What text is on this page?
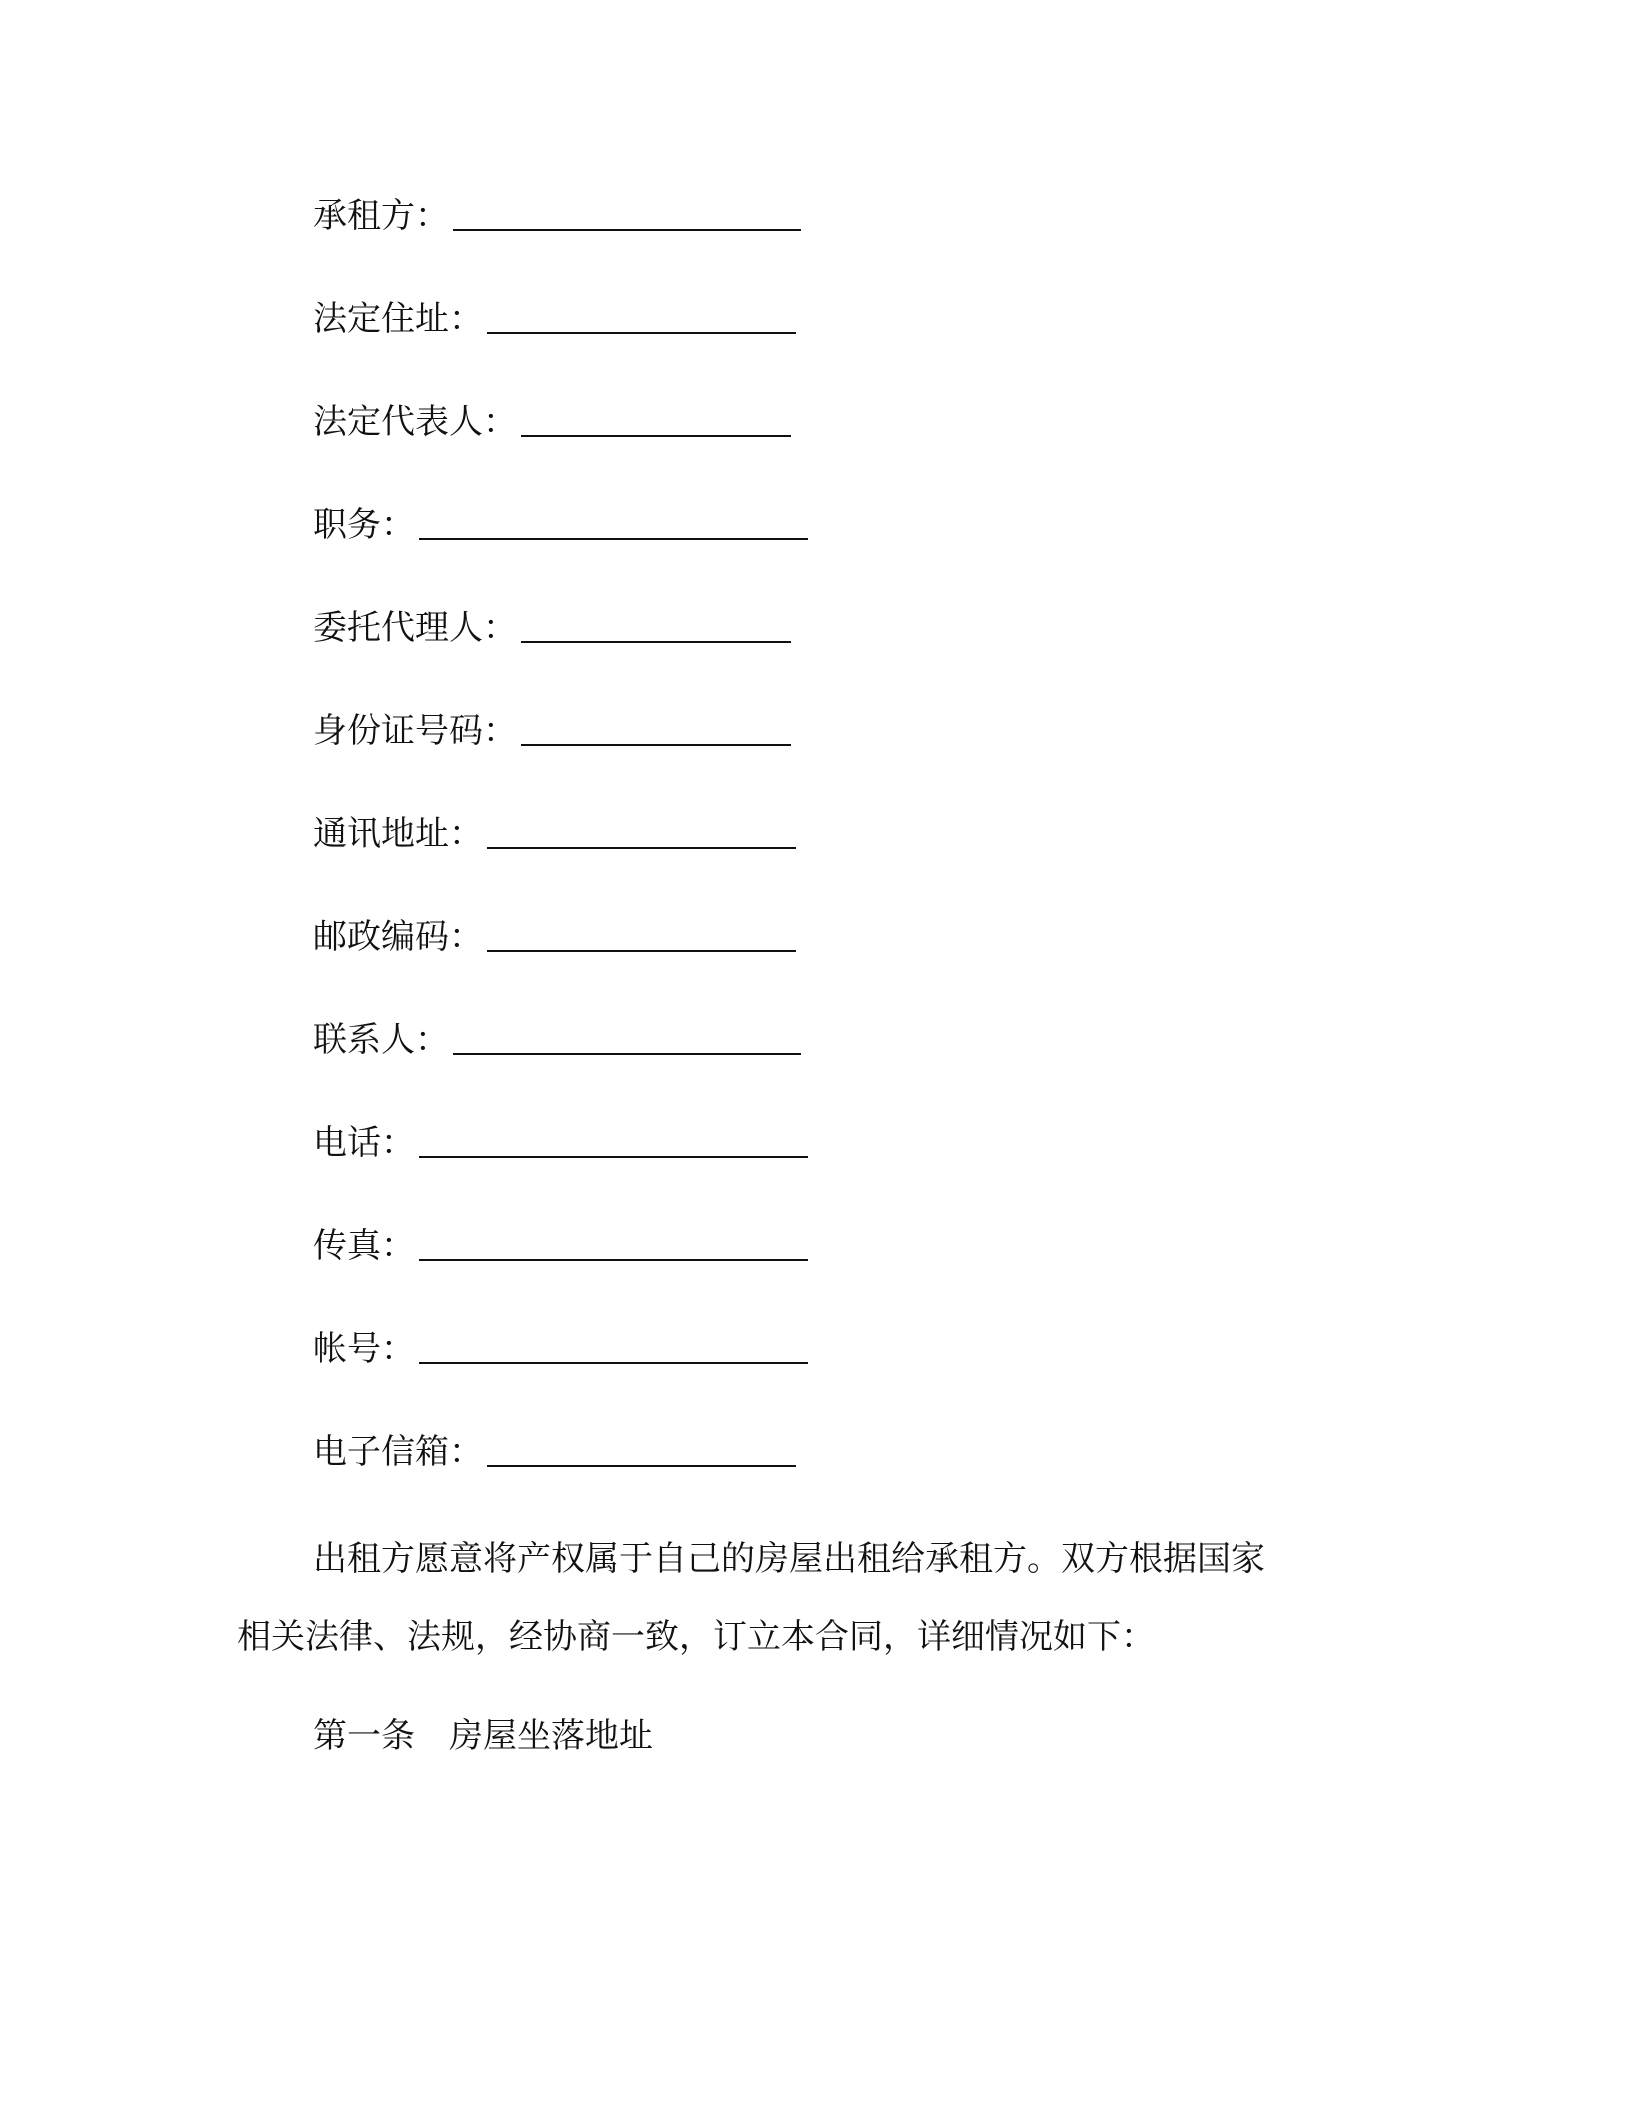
承租方：
法定住址：
法定代表人：
职务：
委托代理人：
身份证号码：
通讯地址：
邮政编码：
联系人：
电话：
传真：
帐号：
电子信箱：
出租方愿意将产权属于自己的房屋出租给承租方。双方根据国家
相关法律、法规，经协商一致，订立本合同，详细情况如下：
第一条　房屋坐落地址
